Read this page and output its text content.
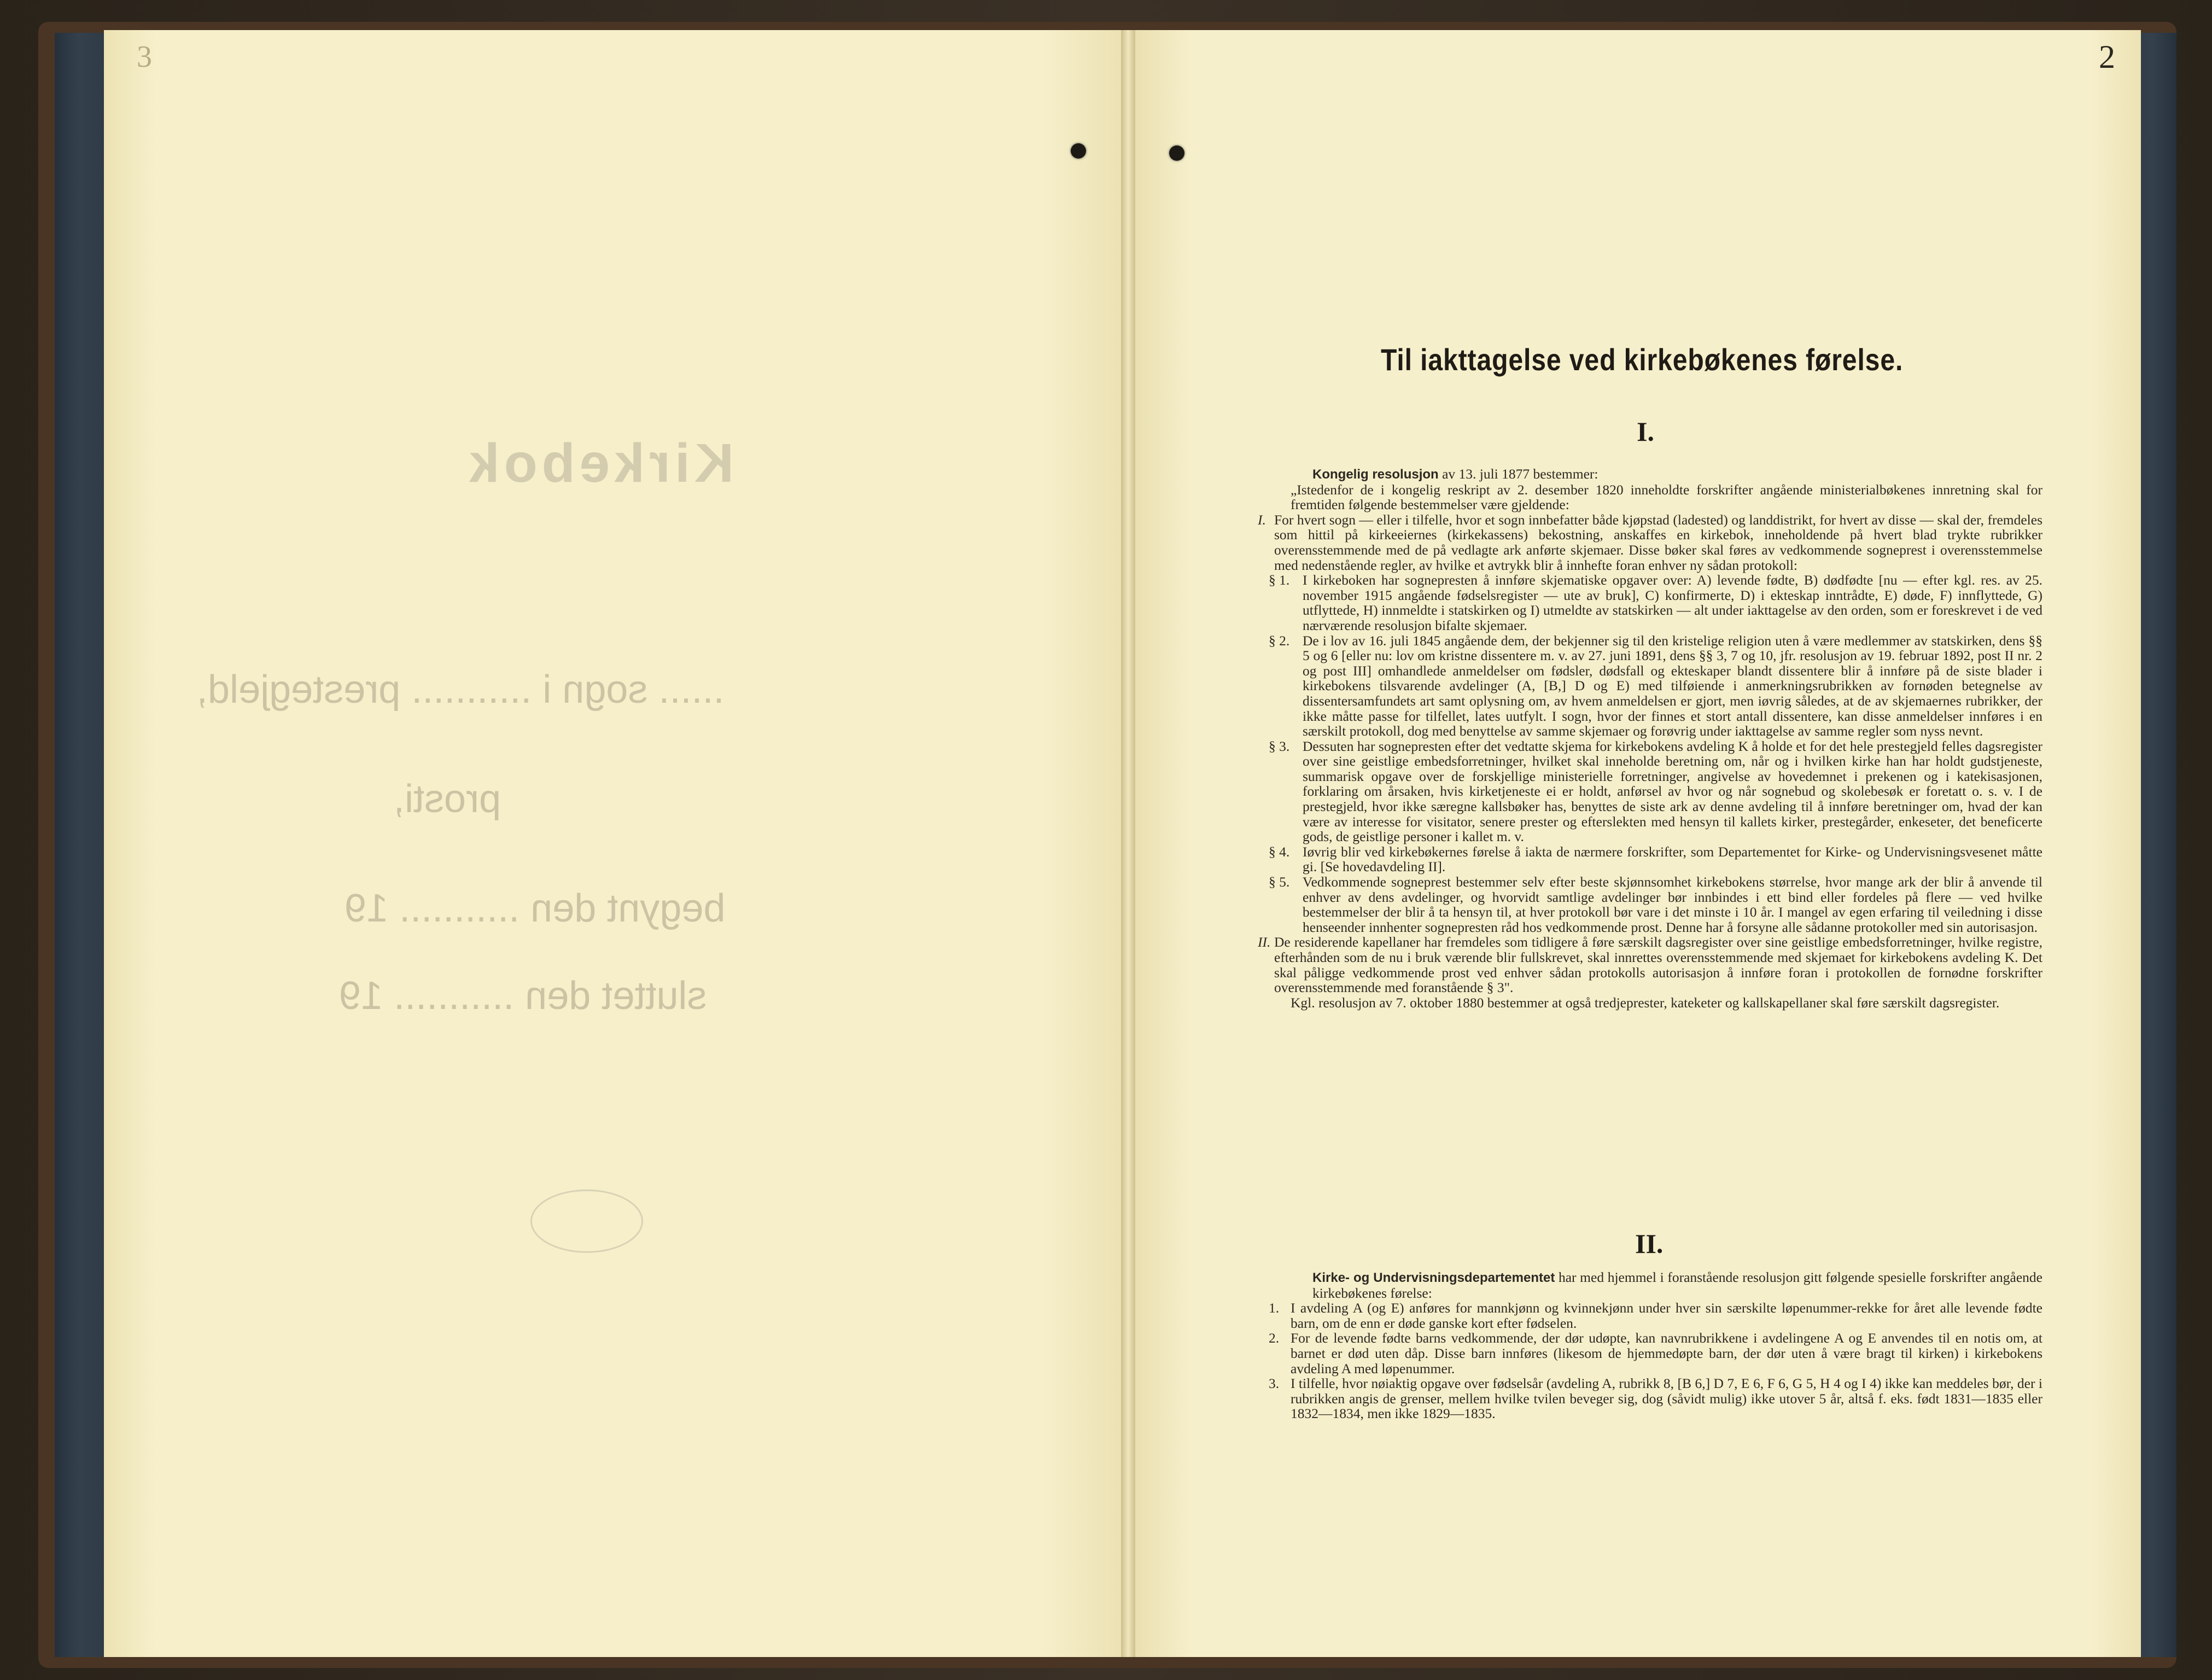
3
Kirkebok
...... sogn i ........... prestegjeld,
prosti,
begynt den ........... 19
sluttet den ........... 19
2
Til iakttagelse ved kirkebøkenes førelse.
I.

Kongelig resolusjon av 13. juli 1877 bestemmer:

„Istedenfor de i kongelig reskript av 2. desember 1820 inneholdte forskrifter angående ministerialbøkenes innretning skal for fremtiden følgende bestemmelser være gjeldende:

I. For hvert sogn — eller i tilfelle, hvor et sogn innbefatter både kjøpstad (ladested) og landdistrikt, for hvert av disse — skal der, fremdeles som hittil på kirkeeiernes (kirkekassens) bekostning, anskaffes en kirkebok, inneholdende på hvert blad trykte rubrikker overensstemmende med de på vedlagte ark anførte skjemaer. Disse bøker skal føres av vedkommende sogneprest i overensstemmelse med nedenstående regler, av hvilke et avtrykk blir å innhefte foran enhver ny sådan protokoll:
§ 1. I kirkeboken har sognepresten å innføre skjematiske opgaver over: A) levende fødte, B) dødfødte [nu — efter kgl. res. av 25. november 1915 angående fødselsregister — ute av bruk], C) konfirmerte, D) i ekteskap inntrådte, E) døde, F) innflyttede, G) utflyttede, H) innmeldte i statskirken og I) utmeldte av statskirken — alt under iakttagelse av den orden, som er foreskrevet i de ved nærværende resolusjon bifalte skjemaer.
§ 2. De i lov av 16. juli 1845 angående dem, der bekjenner sig til den kristelige religion uten å være medlemmer av statskirken, dens §§ 5 og 6 [eller nu: lov om kristne dissentere m. v. av 27. juni 1891, dens §§ 3, 7 og 10, jfr. resolusjon av 19. februar 1892, post II nr. 2 og post III] omhandlede anmeldelser om fødsler, dødsfall og ekteskaper blandt dissentere blir å innføre på de siste blader i kirkebokens tilsvarende avdelinger (A, [B,] D og E) med tilføiende i anmerkningsrubrikken av fornøden betegnelse av dissentersamfundets art samt oplysning om, av hvem anmeldelsen er gjort, men iøvrig således, at de av skjemaernes rubrikker, der ikke måtte passe for tilfellet, lates uutfylt. I sogn, hvor der finnes et stort antall dissentere, kan disse anmeldelser innføres i en særskilt protokoll, dog med benyttelse av samme skjemaer og forøvrig under iakttagelse av samme regler som nyss nevnt.
§ 3. Dessuten har sognepresten efter det vedtatte skjema for kirkebokens avdeling K å holde et for det hele prestegjeld felles dagsregister over sine geistlige embedsforretninger, hvilket skal inneholde beretning om, når og i hvilken kirke han har holdt gudstjeneste, summarisk opgave over de forskjellige ministerielle forretninger, angivelse av hovedemnet i prekenen og i katekisasjonen, forklaring om årsaken, hvis kirketjeneste ei er holdt, anførsel av hvor og når sognebud og skolebesøk er foretatt o. s. v. I de prestegjeld, hvor ikke særegne kallsbøker has, benyttes de siste ark av denne avdeling til å innføre beretninger om, hvad der kan være av interesse for visitator, senere prester og efterslekten med hensyn til kallets kirker, prestegårder, enkeseter, det beneficerte gods, de geistlige personer i kallet m. v.
§ 4. Iøvrig blir ved kirkebøkernes førelse å iakta de nærmere forskrifter, som Departementet for Kirke- og Undervisningsvesenet måtte gi. [Se hovedavdeling II].
§ 5. Vedkommende sogneprest bestemmer selv efter beste skjønnsomhet kirkebokens størrelse, hvor mange ark der blir å anvende til enhver av dens avdelinger, og hvorvidt samtlige avdelinger bør innbindes i ett bind eller fordeles på flere — ved hvilke bestemmelser der blir å ta hensyn til, at hver protokoll bør vare i det minste i 10 år. I mangel av egen erfaring til veiledning i disse henseender innhenter sognepresten råd hos vedkommende prost. Denne har å forsyne alle sådanne protokoller med sin autorisasjon.
II. De residerende kapellaner har fremdeles som tidligere å føre særskilt dagsregister over sine geistlige embedsforretninger, hvilke registre, efterhånden som de nu i bruk værende blir fullskrevet, skal innrettes overensstemmende med skjemaet for kirkebokens avdeling K. Det skal påligge vedkommende prost ved enhver sådan protokolls autorisasjon å innføre foran i protokollen de fornødne forskrifter overensstemmende med foranstående § 3".

Kgl. resolusjon av 7. oktober 1880 bestemmer at også tredjeprester, kateketer og kallskapellaner skal føre særskilt dagsregister.

II.

Kirke- og Undervisningsdepartementet har med hjemmel i foranstående resolusjon gitt følgende spesielle forskrifter angående kirkebøkenes førelse:

1. I avdeling A (og E) anføres for mannkjønn og kvinnekjønn under hver sin særskilte løpenummer-rekke for året alle levende fødte barn, om de enn er døde ganske kort efter fødselen.
2. For de levende fødte barns vedkommende, der dør udøpte, kan navnrubrikkene i avdelingene A og E anvendes til en notis om, at barnet er død uten dåp. Disse barn innføres (likesom de hjemmedøpte barn, der dør uten å være bragt til kirken) i kirkebokens avdeling A med løpenummer.
3. I tilfelle, hvor nøiaktig opgave over fødselsår (avdeling A, rubrikk 8, [B 6,] D 7, E 6, F 6, G 5, H 4 og I 4) ikke kan meddeles bør, der i rubrikken angis de grenser, mellem hvilke tvilen beveger sig, dog (såvidt mulig) ikke utover 5 år, altså f. eks. født 1831—1835 eller 1832—1834, men ikke 1829—1835.
